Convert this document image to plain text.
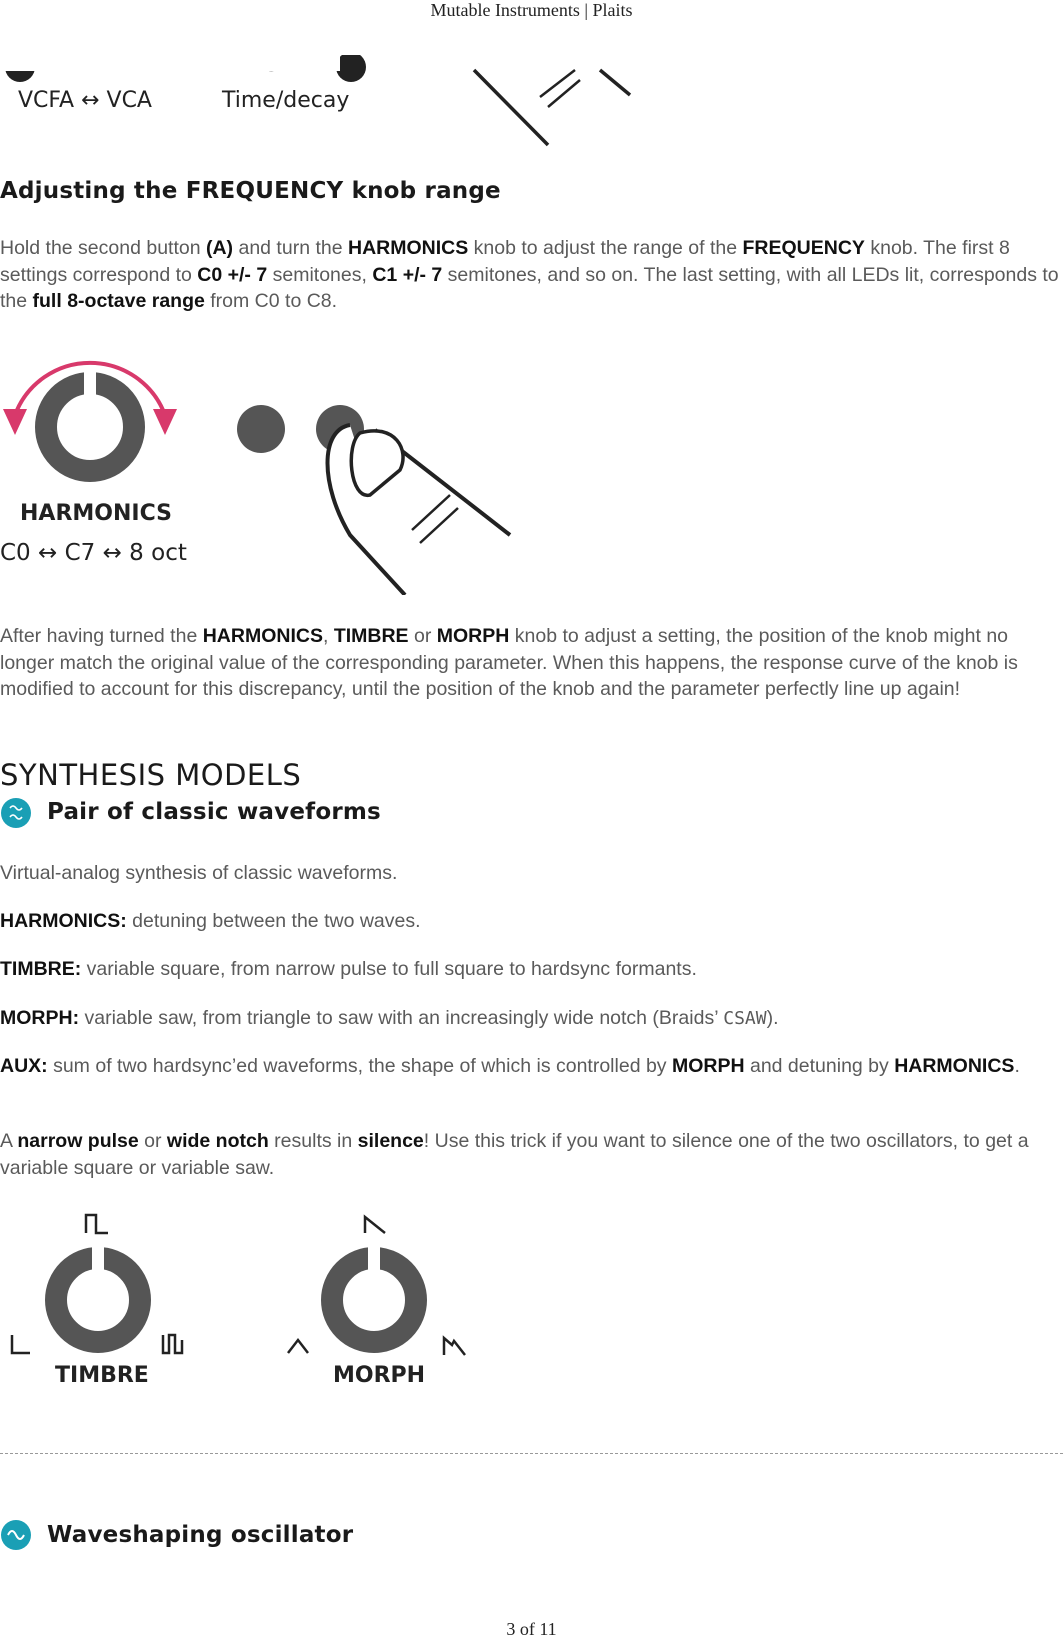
Mutable Instruments | Plaits
VCFA ↔ VCA	Time/decay
Adjusting the FREQUENCY knob range

Hold the second button (A) and turn the HARMONICS knob to adjust the range of the FREQUENCY knob. The first 8 settings correspond to C0 +/- 7 semitones, C1 +/- 7 semitones, and so on. The last setting, with all LEDs lit, corresponds to the full 8-octave range from C0 to C8.

HARMONICS
C0 ↔ C7 ↔ 8 oct

After having turned the HARMONICS, TIMBRE or MORPH knob to adjust a setting, the position of the knob might no longer match the original value of the corresponding parameter. When this happens, the response curve of the knob is modified to account for this discrepancy, until the position of the knob and the parameter perfectly line up again!

SYNTHESIS MODELS
Pair of classic waveforms

Virtual-analog synthesis of classic waveforms.

HARMONICS: detuning between the two waves.

TIMBRE: variable square, from narrow pulse to full square to hardsync formants.

MORPH: variable saw, from triangle to saw with an increasingly wide notch (Braids’ CSAW).

AUX: sum of two hardsync’ed waveforms, the shape of which is controlled by MORPH and detuning by HARMONICS.

A narrow pulse or wide notch results in silence! Use this trick if you want to silence one of the two oscillators, to get a variable square or variable saw.

TIMBRE	MORPH
Waveshaping oscillator
3 of 11
